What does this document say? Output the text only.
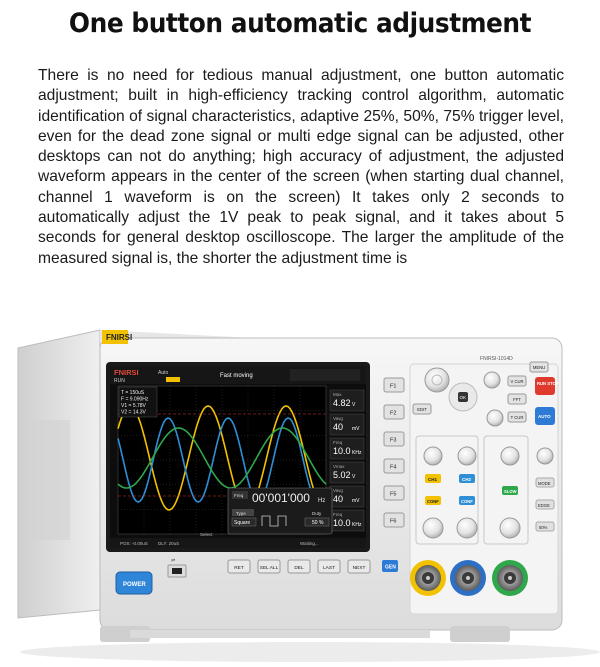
One button automatic adjustment
There is no need for tedious manual adjustment, one button automatic adjustment; built in high-efficiency tracking control algorithm, automatic identification of signal characteristics, adaptive 25%, 50%, 75% trigger level, even for the dead zone signal or multi edge signal can be adjusted, other desktops can not do anything; high accuracy of adjustment, the adjusted waveform appears in the center of the screen (when starting dual channel, channel 1 waveform is on the screen) It takes only 2 seconds to automatically adjust the 1V peak to peak signal, and it takes about 5 seconds for general desktop oscilloscope. The larger the amplitude of the measured signal is, the shorter the adjustment time is
FNIRSI
FNIRSI-1014D
FNIRSI
RUN
Auto	Fast moving
T = 150uS
F = 9.090Hz
V1 = 5.78V
V2 = 14.3V
Max
4.82 V
Vavg
40 mV
Freq
10.0 KHz
Vmax
5.02 V
Vavg
40 mV
Freq
10.0 KHz
Freq 00'001'000 Hz
Type
Square
Duty
50 %
POS: -0.00uS DLY: 20uS
Select
Waiting...
F1
F2
F3
F4
F5
F6
RET	SEL ALL	DEL	LAST	NEXT	GEN
⇌
POWER
OK
V CUR
FFT
T CUR
EDIT
MENU
RUN STOP
AUTO
CH1	CH2
SLOW
CONF	CONF
MODE
EDGE
50%
